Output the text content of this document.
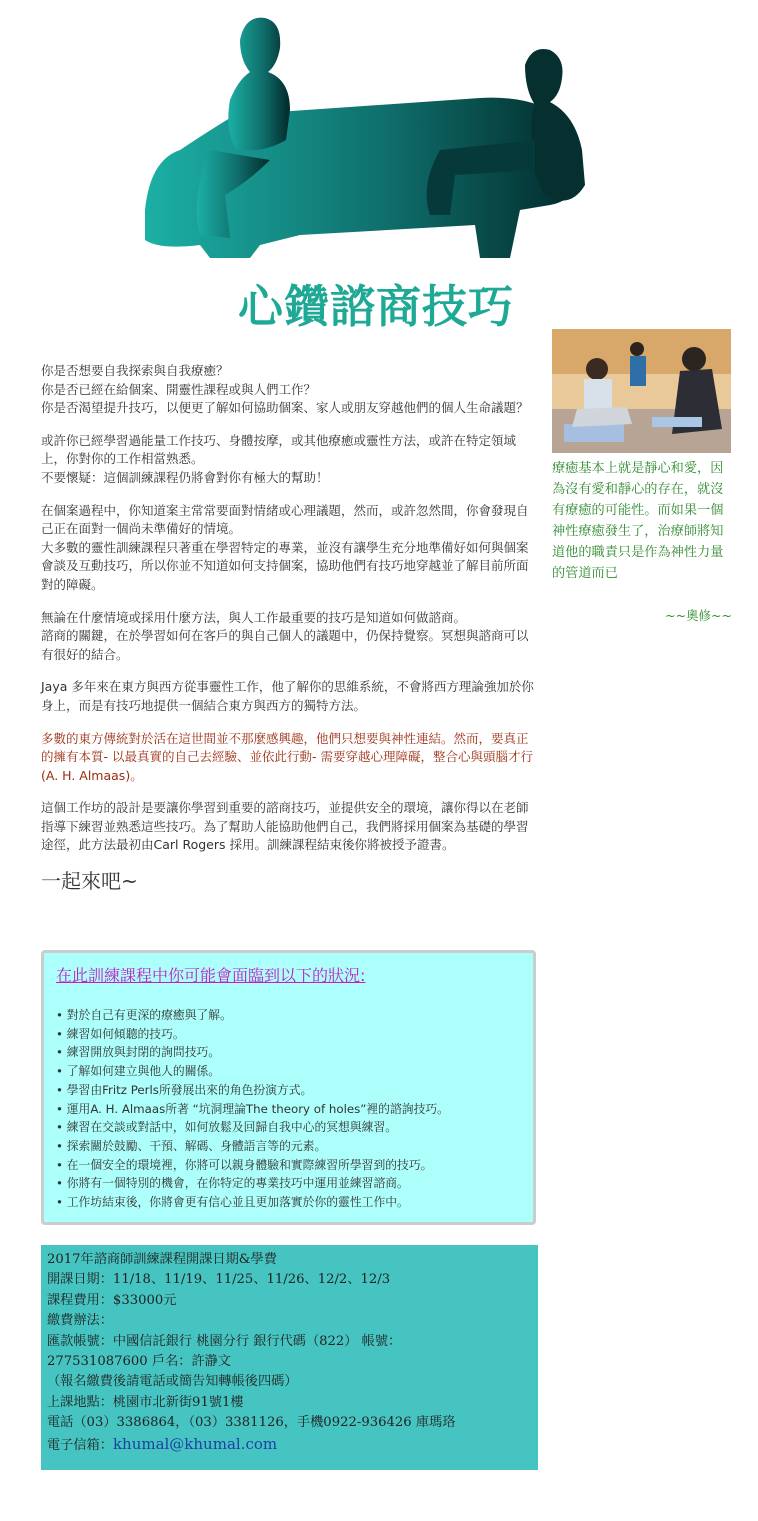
心鑽諮商技巧
療癒基本上就是靜心和愛，因為沒有愛和靜心的存在，就沒有療癒的可能性。而如果一個神性療癒發生了，治療師將知道他的職責只是作為神性力量的管道而已
~~奧修~~

你是否想要自我探索與自我療癒？
你是否已經在給個案、開靈性課程或與人們工作？
你是否渴望提升技巧，以便更了解如何協助個案、家人或朋友穿越他們的個人生命議題？

或許你已經學習過能量工作技巧、身體按摩，或其他療癒或靈性方法，或許在特定領域上，你對你的工作相當熟悉。
不要懷疑：這個訓練課程仍將會對你有極大的幫助！

在個案過程中，你知道案主常常要面對情緒或心理議題，然而，或許忽然間，你會發現自己正在面對一個尚未準備好的情境。
大多數的靈性訓練課程只著重在學習特定的專業，並沒有讓學生充分地準備好如何與個案會談及互動技巧，所以你並不知道如何支持個案，協助他們有技巧地穿越並了解目前所面對的障礙。

無論在什麼情境或採用什麼方法，與人工作最重要的技巧是知道如何做諮商。
諮商的關鍵，在於學習如何在客戶的與自己個人的議題中，仍保持覺察。冥想與諮商可以有很好的結合。

Jaya 多年來在東方與西方從事靈性工作，他了解你的思維系統，不會將西方理論強加於你身上，而是有技巧地提供一個結合東方與西方的獨特方法。

多數的東方傳統對於活在這世間並不那麼感興趣，他們只想要與神性連結。然而，要真正的擁有本質- 以最真實的自己去經驗、並依此行動- 需要穿越心理障礙，整合心與頭腦才行 (A. H. Almaas)。

這個工作坊的設計是要讓你學習到重要的諮商技巧，並提供安全的環境，讓你得以在老師指導下練習並熟悉這些技巧。為了幫助人能協助他們自己，我們將採用個案為基礎的學習途徑，此方法最初由Carl Rogers 採用。訓練課程結束後你將被授予證書。

一起來吧~
在此訓練課程中你可能會面臨到以下的狀況:
• 對於自己有更深的療癒與了解。
• 練習如何傾聽的技巧。
• 練習開放與封閉的詢問技巧。
• 了解如何建立與他人的關係。
• 學習由Fritz Perls所發展出來的角色扮演方式。
• 運用A. H. Almaas所著 “坑洞理論The theory of holes”裡的諮詢技巧。
• 練習在交談或對話中，如何放鬆及回歸自我中心的冥想與練習。
• 探索關於鼓勵、干預、解碼、身體語言等的元素。
• 在一個安全的環境裡，你將可以親身體驗和實際練習所學習到的技巧。
• 你將有一個特別的機會，在你特定的專業技巧中運用並練習諮商。
• 工作坊結束後，你將會更有信心並且更加落實於你的靈性工作中。
2017年諮商師訓練課程開課日期&學費
開課日期：11/18、11/19、11/25、11/26、12/2、12/3
課程費用：$33000元
繳費辦法：
匯款帳號：中國信託銀行 桃園分行 銀行代碼（822） 帳號：
277531087600 戶名：許瀞文
（報名繳費後請電話或簡告知轉帳後四碼）
上課地點：桃園市北新街91號1樓
電話（03）3386864，（03）3381126，手機0922-936426 庫瑪珞
電子信箱：khumal@khumal.com
